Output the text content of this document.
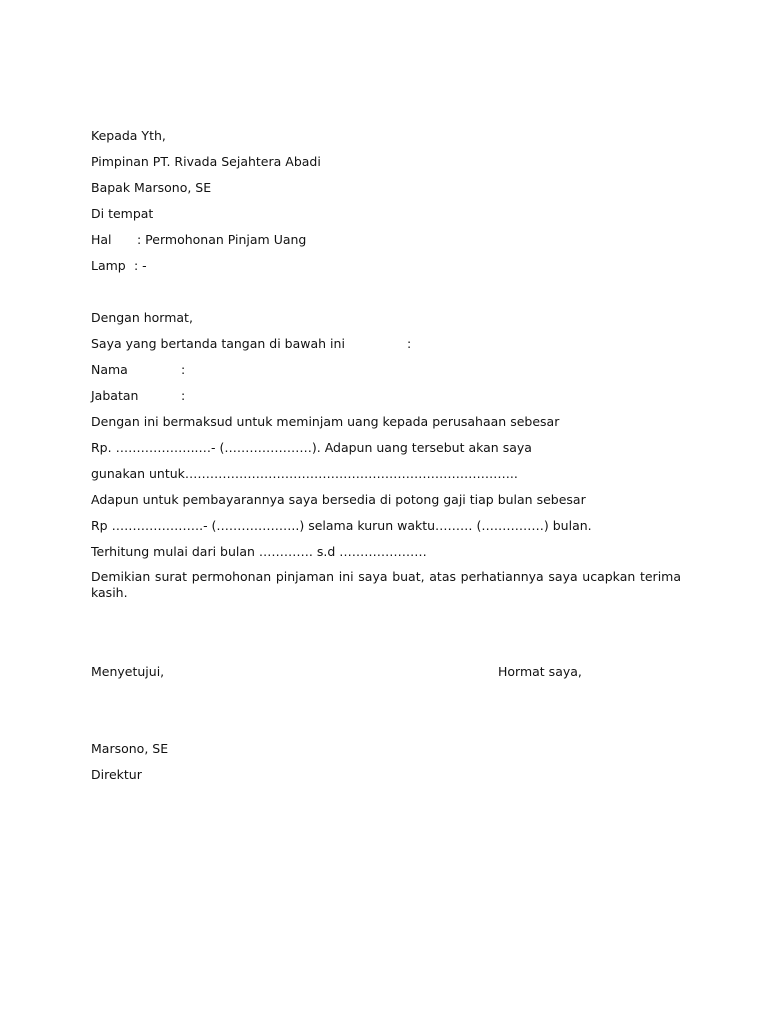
Kepada Yth,
Pimpinan PT. Rivada Sejahtera Abadi
Bapak Marsono, SE
Di tempat
Hal : Permohonan Pinjam Uang
Lamp : -
Dengan hormat,
Saya yang bertanda tangan di bawah ini	:
Nama	:
Jabatan	:
Dengan ini bermaksud untuk meminjam uang kepada perusahaan sebesar
Rp. ………………..…- (…………………). Adapun uang tersebut akan saya
gunakan untuk……………………………………………………………………..
Adapun untuk pembayarannya saya bersedia di potong gaji tiap bulan sebesar
Rp ………………….- (………………..) selama kurun waktu……… (……………) bulan.
Terhitung mulai dari bulan …………. s.d …………………
Demikian surat permohonan pinjaman ini saya buat, atas perhatiannya saya ucapkan terima kasih.
Menyetujui,	Hormat saya,
Marsono, SE
Direktur
